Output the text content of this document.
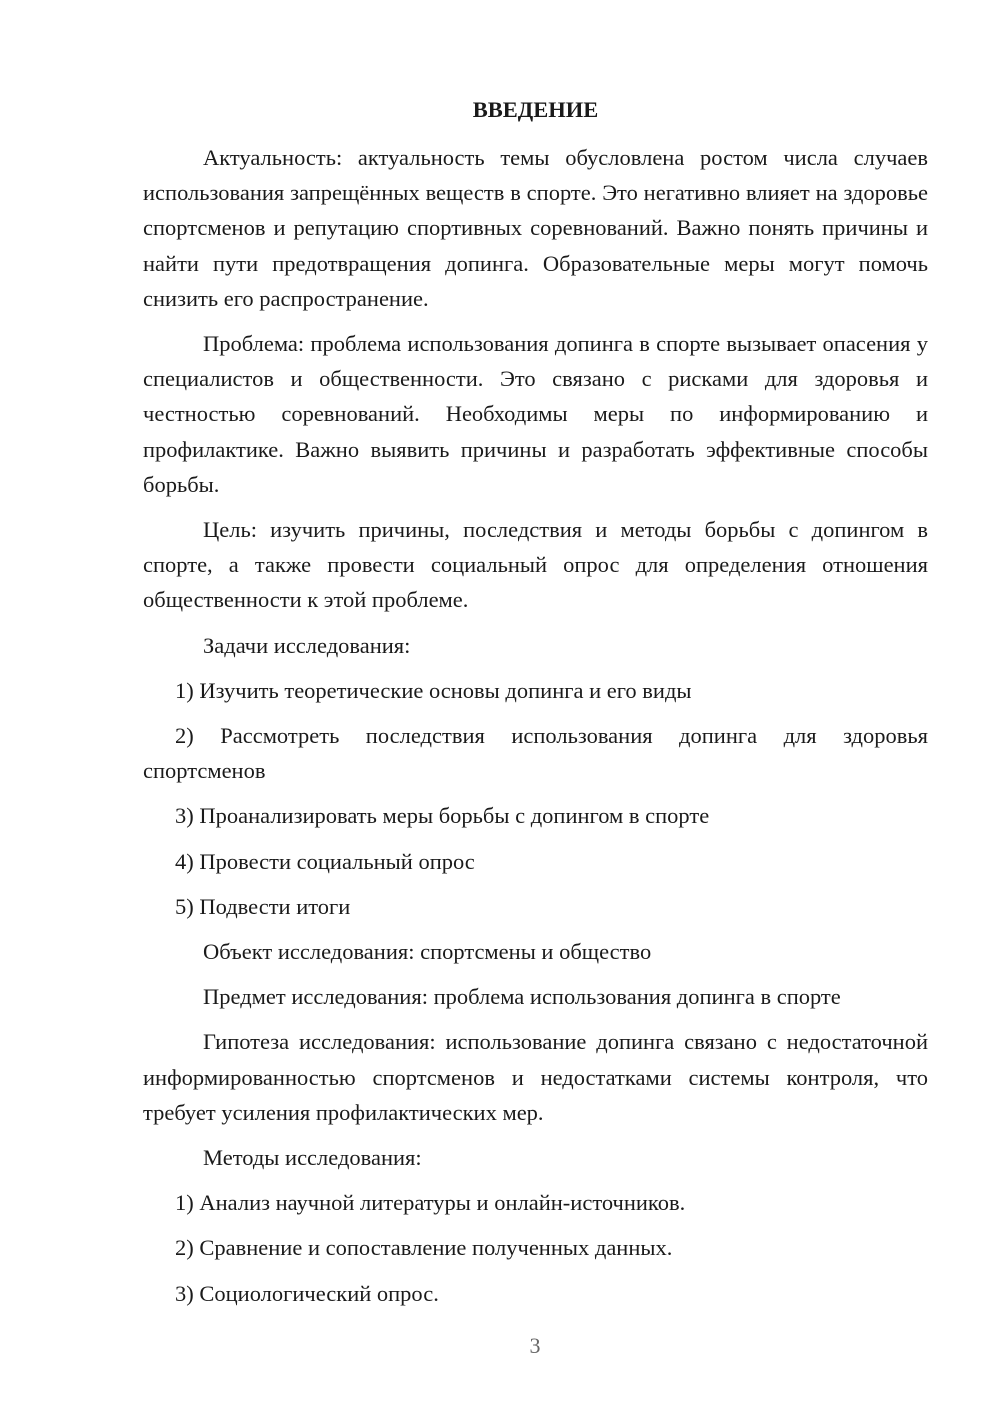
ВВЕДЕНИЕ

Актуальность: актуальность темы обусловлена ростом числа случаев использования запрещённых веществ в спорте. Это негативно влияет на здоровье спортсменов и репутацию спортивных соревнований. Важно понять причины и найти пути предотвращения допинга. Образовательные меры могут помочь снизить его распространение.

Проблема: проблема использования допинга в спорте вызывает опасения у специалистов и общественности. Это связано с рисками для здоровья и честностью соревнований. Необходимы меры по информированию и профилактике. Важно выявить причины и разработать эффективные способы борьбы.

Цель: изучить причины, последствия и методы борьбы с допингом в спорте, а также провести социальный опрос для определения отношения общественности к этой проблеме.

Задачи исследования:

1) Изучить теоретические основы допинга и его виды

2) Рассмотреть последствия использования допинга для здоровья спортсменов

3) Проанализировать меры борьбы с допингом в спорте

4) Провести социальный опрос

5) Подвести итоги

Объект исследования: спортсмены и общество

Предмет исследования: проблема использования допинга в спорте

Гипотеза исследования: использование допинга связано с недостаточной информированностью спортсменов и недостатками системы контроля, что требует усиления профилактических мер.

Методы исследования:

1) Анализ научной литературы и онлайн-источников.

2) Сравнение и сопоставление полученных данных.

3) Социологический опрос.

3
